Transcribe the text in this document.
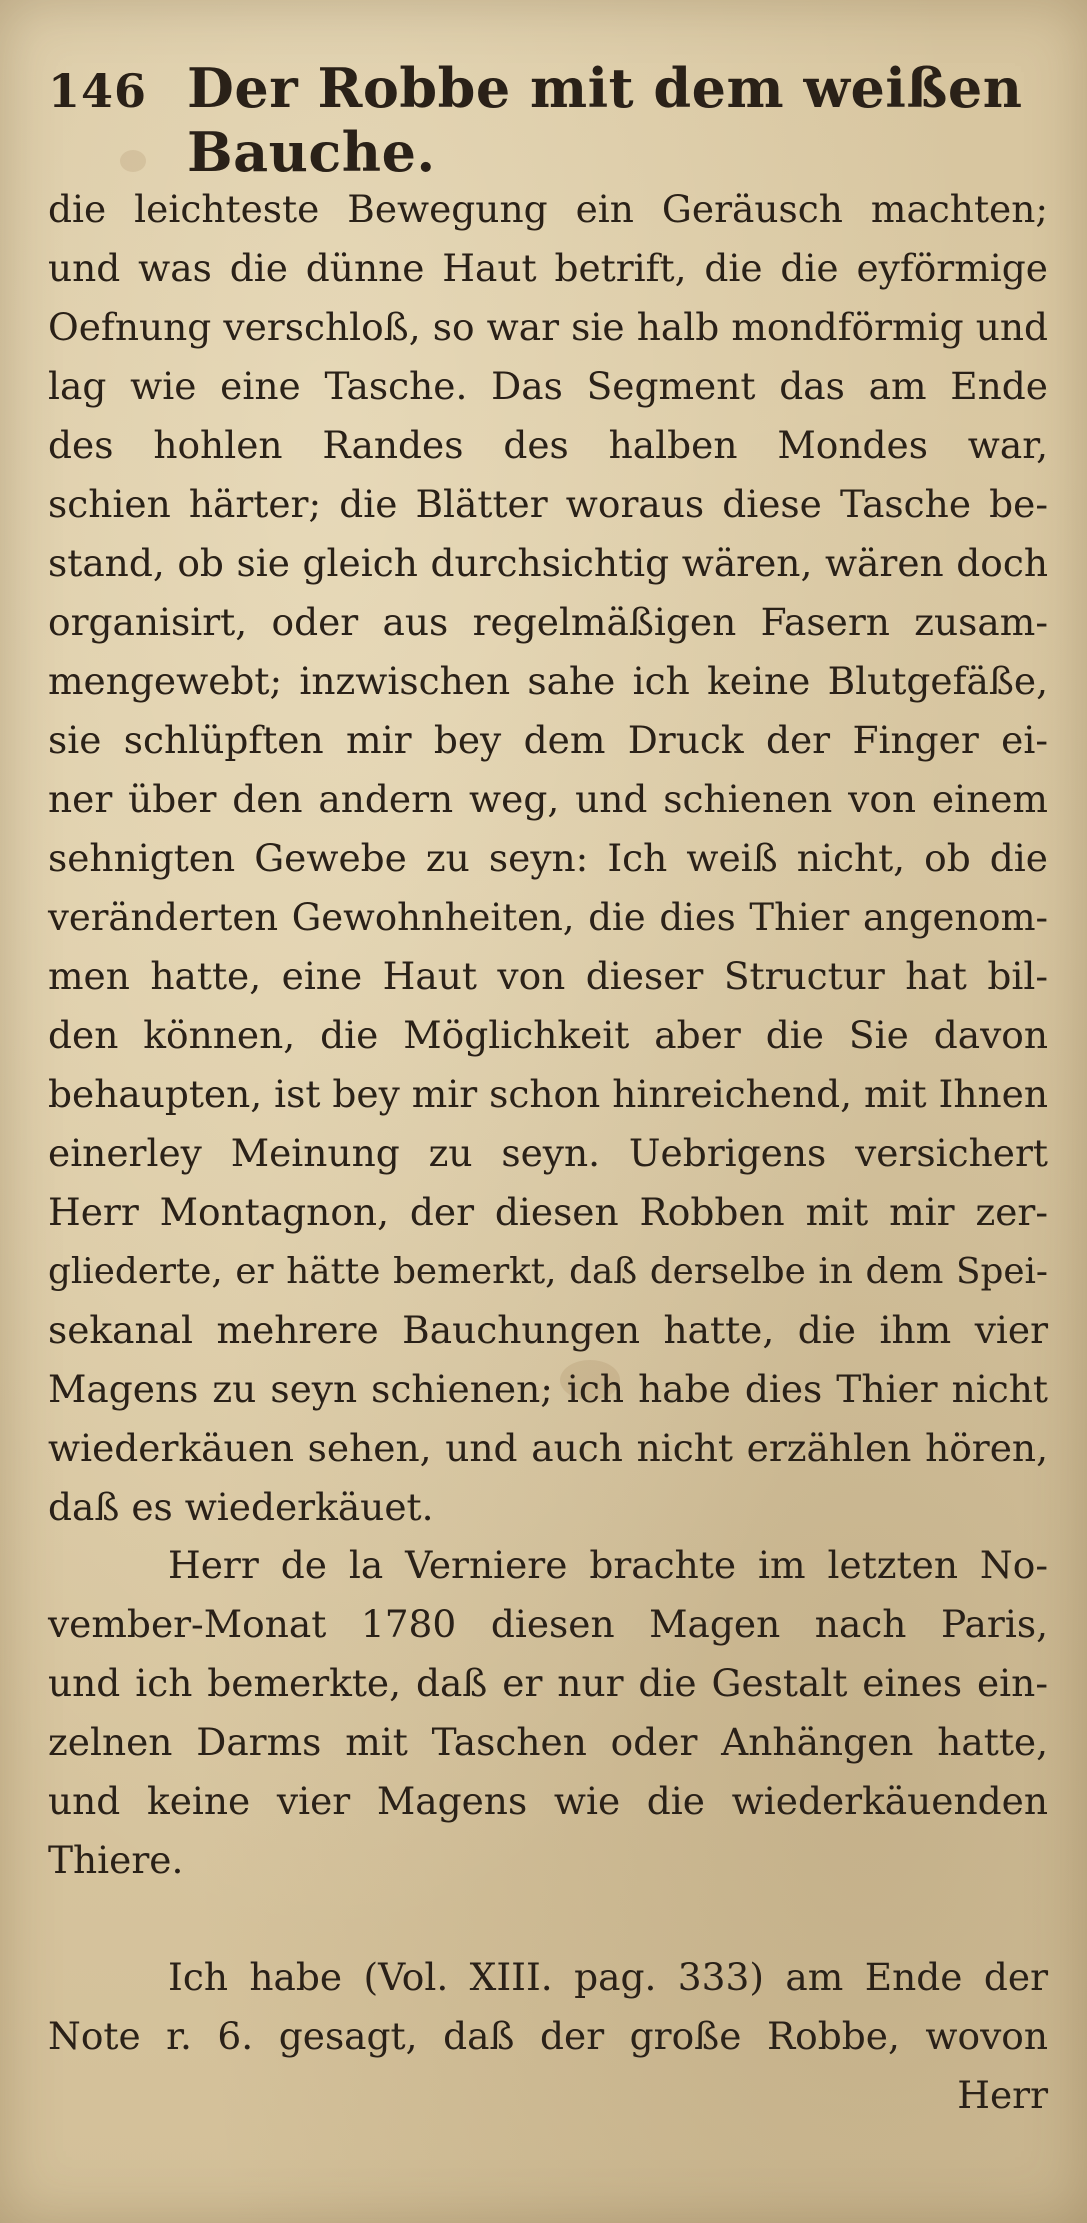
146 Der Robbe mit dem weißen Bauche.

die leichteste Bewegung ein Geräusch machten;
und was die dünne Haut betrift, die die eyförmige
Oefnung verschloß, so war sie halb mondförmig und
lag wie eine Tasche. Das Segment das am Ende
des hohlen Randes des halben Mondes war,
schien härter; die Blätter woraus diese Tasche be-
stand, ob sie gleich durchsichtig wären, wären doch
organisirt, oder aus regelmäßigen Fasern zusam-
mengewebt; inzwischen sahe ich keine Blutgefäße,
sie schlüpften mir bey dem Druck der Finger ei-
ner über den andern weg, und schienen von einem
sehnigten Gewebe zu seyn: Ich weiß nicht, ob die
veränderten Gewohnheiten, die dies Thier angenom-
men hatte, eine Haut von dieser Structur hat bil-
den können, die Möglichkeit aber die Sie davon
behaupten, ist bey mir schon hinreichend, mit Ihnen
einerley Meinung zu seyn. Uebrigens versichert
Herr Montagnon, der diesen Robben mit mir zer-
gliederte, er hätte bemerkt, daß derselbe in dem Spei-
sekanal mehrere Bauchungen hatte, die ihm vier
Magens zu seyn schienen; ich habe dies Thier nicht
wiederkäuen sehen, und auch nicht erzählen hören,
daß es wiederkäuet.

Herr de la Verniere brachte im letzten No-
vember-Monat 1780 diesen Magen nach Paris,
und ich bemerkte, daß er nur die Gestalt eines ein-
zelnen Darms mit Taschen oder Anhängen hatte,
und keine vier Magens wie die wiederkäuenden
Thiere.

Ich habe (Vol. XIII. pag. 333) am Ende der
Note r. 6. gesagt, daß der große Robbe, wovon
Herr
